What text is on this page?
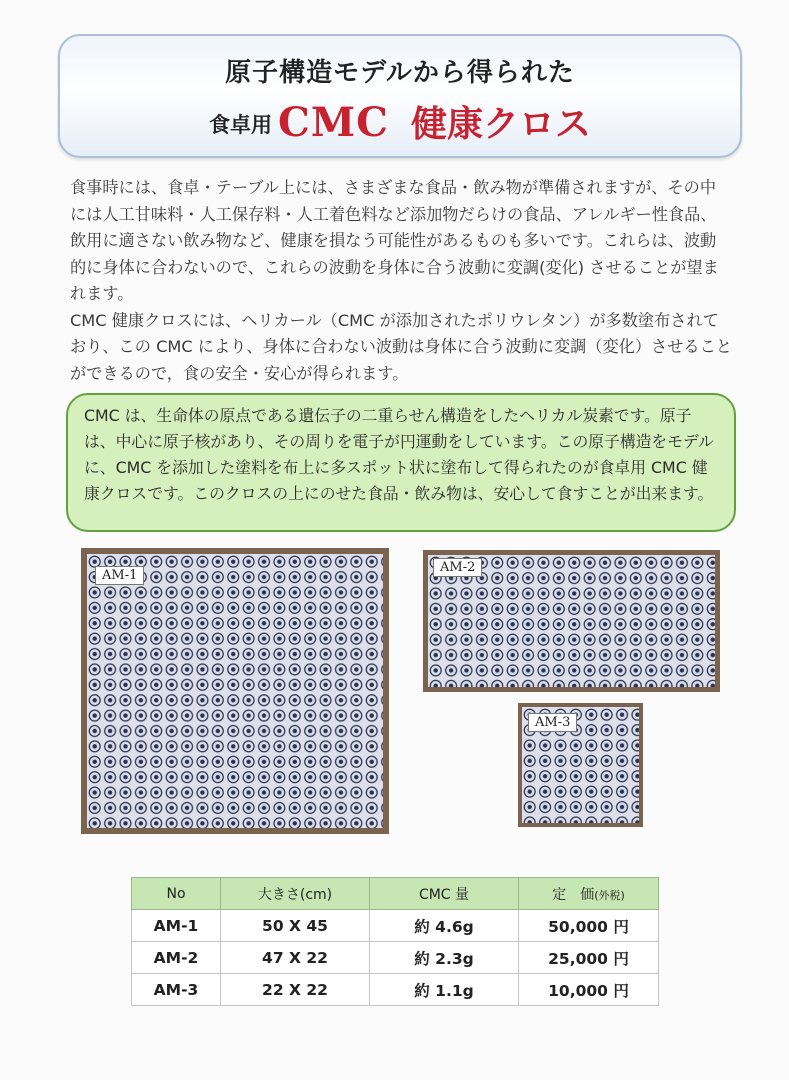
原子構造モデルから得られた
食卓用 CMC 健康クロス

食事時には、食卓・テーブル上には、さまざまな食品・飲み物が準備されますが、その中には人工甘味料・人工保存料・人工着色料など添加物だらけの食品、アレルギー性食品、飲用に適さない飲み物など、健康を損なう可能性があるものも多いです。これらは、波動的に身体に合わないので、これらの波動を身体に合う波動に変調(変化) させることが望まれます。

CMC 健康クロスには、ヘリカール（CMC が添加されたポリウレタン）が多数塗布されており、この CMC により、身体に合わない波動は身体に合う波動に変調（変化）させることができるので，食の安全・安心が得られます。

CMC は、生命体の原点である遺伝子の二重らせん構造をしたヘリカル炭素です。原子は、中心に原子核があり、その周りを電子が円運動をしています。この原子構造をモデルに、CMC を添加した塗料を布上に多スポット状に塗布して得られたのが食卓用 CMC 健康クロスです。このクロスの上にのせた食品・飲み物は、安心して食すことが出来ます。

AM-1
AM-2
AM-3
No	大きさ(cm)	CMC 量	定　価(外税)
AM-1	50 X 45	約 4.6g	50,000 円
AM-2	47 X 22	約 2.3g	25,000 円
AM-3	22 X 22	約 1.1g	10,000 円
